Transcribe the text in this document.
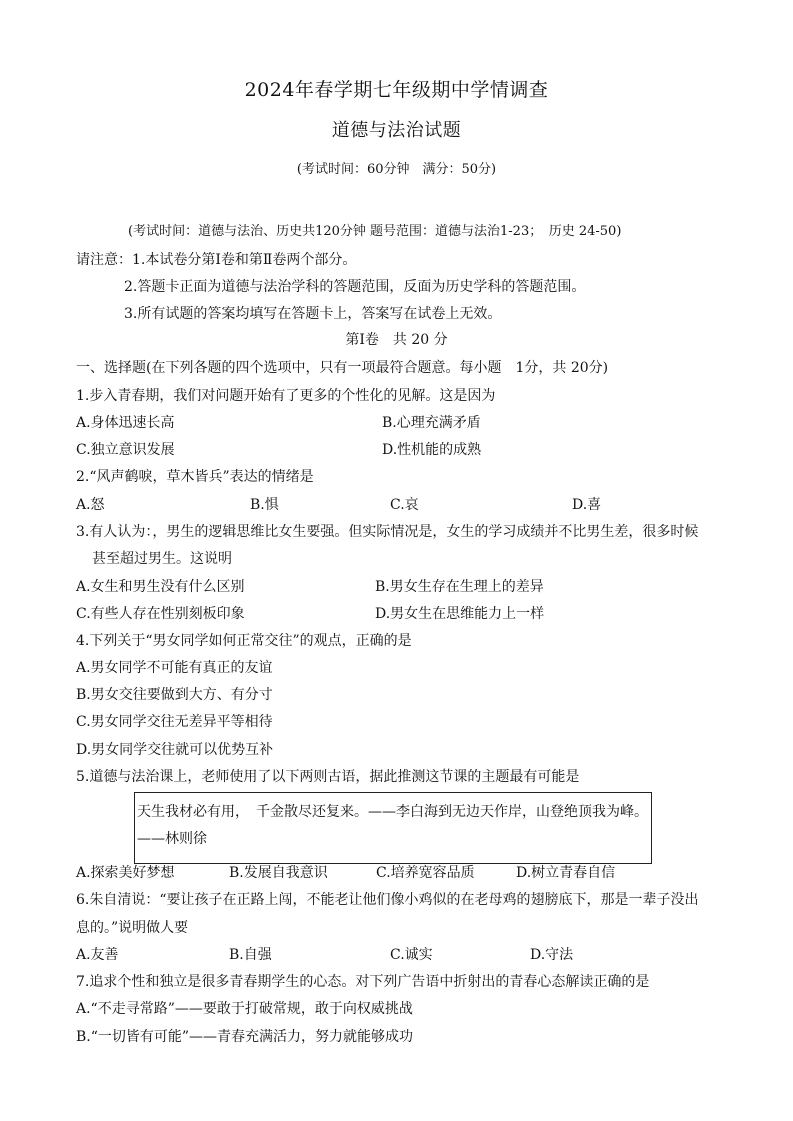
2024年春学期七年级期中学情调查
道德与法治试题
(考试时间：60分钟　满分：50分)
(考试时间：道德与法治、历史共120分钟 题号范围：道德与法治1-23；　历史 24-50)
请注意：1.本试卷分第Ⅰ卷和第Ⅱ卷两个部分。
2.答题卡正面为道德与法治学科的答题范围，反面为历史学科的答题范围。
3.所有试题的答案均填写在答题卡上，答案写在试卷上无效。
第Ⅰ卷　共 20 分
一、选择题(在下列各题的四个选项中，只有一项最符合题意。每小题　1分，共 20分)
1.步入青春期，我们对问题开始有了更多的个性化的见解。这是因为
A.身体迅速长高	B.心理充满矛盾
C.独立意识发展	D.性机能的成熟
2.“风声鹤唳，草木皆兵”表达的情绪是
A.怒	B.惧	C.哀	D.喜
3.有人认为：，男生的逻辑思维比女生要强。但实际情况是，女生的学习成绩并不比男生差，很多时候
甚至超过男生。这说明
A.女生和男生没有什么区别	B.男女生存在生理上的差异
C.有些人存在性别刻板印象	D.男女生在思维能力上一样
4.下列关于“男女同学如何正常交往”的观点，正确的是
A.男女同学不可能有真正的友谊
B.男女交往要做到大方、有分寸
C.男女同学交往无差异平等相待
D.男女同学交往就可以优势互补
5.道德与法治课上，老师使用了以下两则古语，据此推测这节课的主题最有可能是
天生我材必有用，　千金散尽还复来。——李白海到无边天作岸，山登绝顶我为峰。
——林则徐
A.探索美好梦想	B.发展自我意识	C.培养宽容品质	D.树立青春自信
6.朱自清说：“要让孩子在正路上闯，不能老让他们像小鸡似的在老母鸡的翅膀底下，那是一辈子没出
息的。”说明做人要
A.友善	B.自强	C.诚实	D.守法
7.追求个性和独立是很多青春期学生的心态。对下列广告语中折射出的青春心态解读正确的是
A.“不走寻常路”——要敢于打破常规，敢于向权威挑战
B.“一切皆有可能”——青春充满活力，努力就能够成功
